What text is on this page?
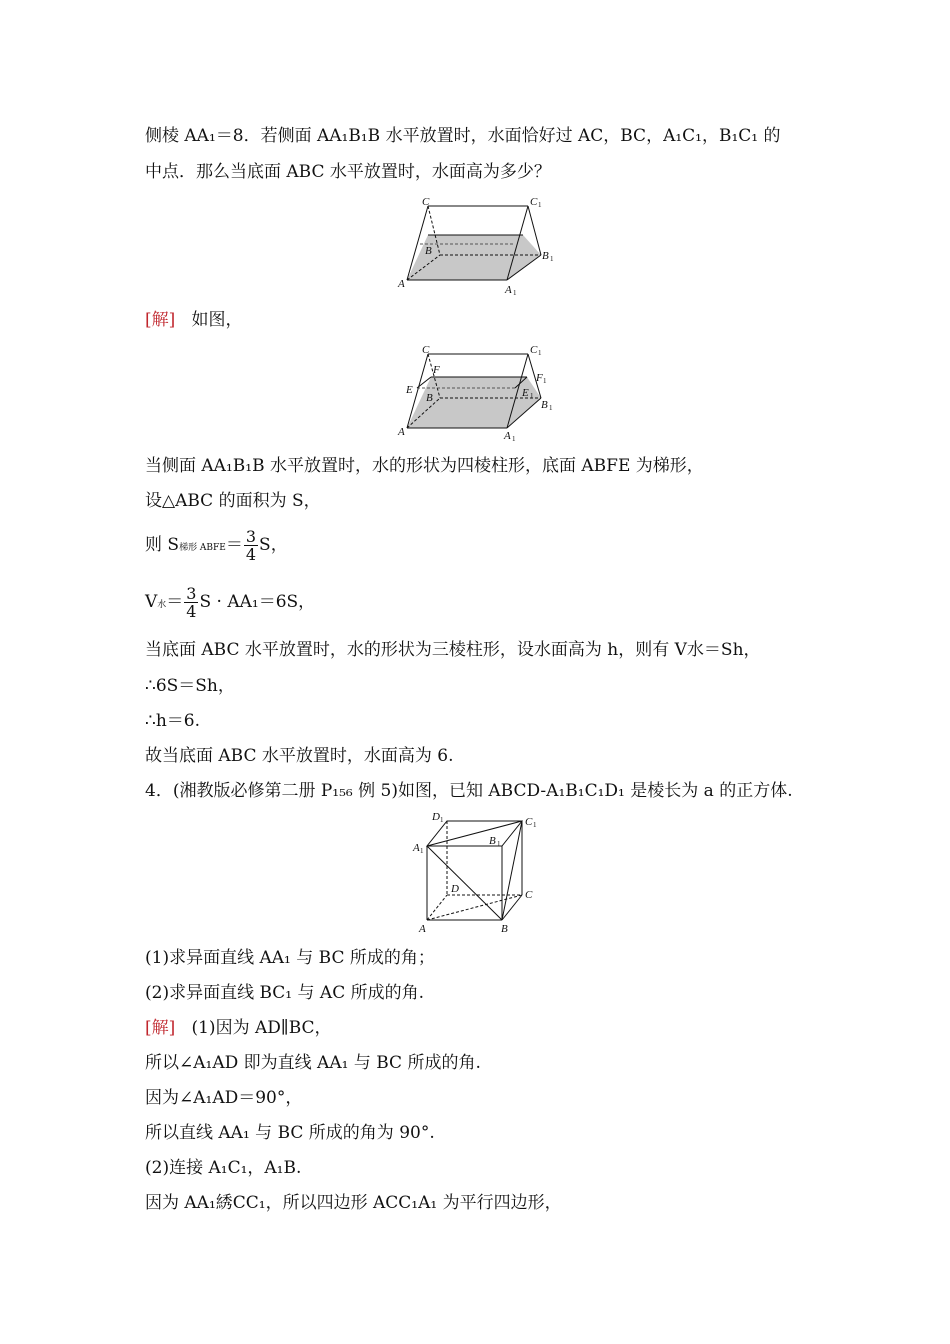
侧棱 AA₁＝8．若侧面 AA₁B₁B 水平放置时，水面恰好过 AC，BC，A₁C₁，B₁C₁ 的
中点．那么当底面 ABC 水平放置时，水面高为多少？
C	C 1
B	B 1
A	A 1
[解] 如图，
C	C 1
F
F 1
E	E 1
B
B 1
A	A 1
当侧面 AA₁B₁B 水平放置时，水的形状为四棱柱形，底面 ABFE 为梯形，
设△ABC 的面积为 S，
则 S梯形 ABFE＝ $\frac{3}{4}$ S，
V水＝ $\frac{3}{4}$ S · AA₁＝6S，
当底面 ABC 水平放置时，水的形状为三棱柱形，设水面高为 h，则有 V水＝Sh，
∴6S＝Sh，
∴h＝6.
故当底面 ABC 水平放置时，水面高为 6.
4．(湘教版必修第二册 P₁₅₆ 例 5)如图，已知 ABCD-A₁B₁C₁D₁ 是棱长为 a 的正方体.
D 1	C 1
A 1
B 1
D	C
A	B
(1)求异面直线 AA₁ 与 BC 所成的角；
(2)求异面直线 BC₁ 与 AC 所成的角.
[解] (1)因为 AD∥BC，
所以∠A₁AD 即为直线 AA₁ 与 BC 所成的角.
因为∠A₁AD＝90°，
所以直线 AA₁ 与 BC 所成的角为 90°.
(2)连接 A₁C₁，A₁B.
因为 AA₁綉CC₁，所以四边形 ACC₁A₁ 为平行四边形，
